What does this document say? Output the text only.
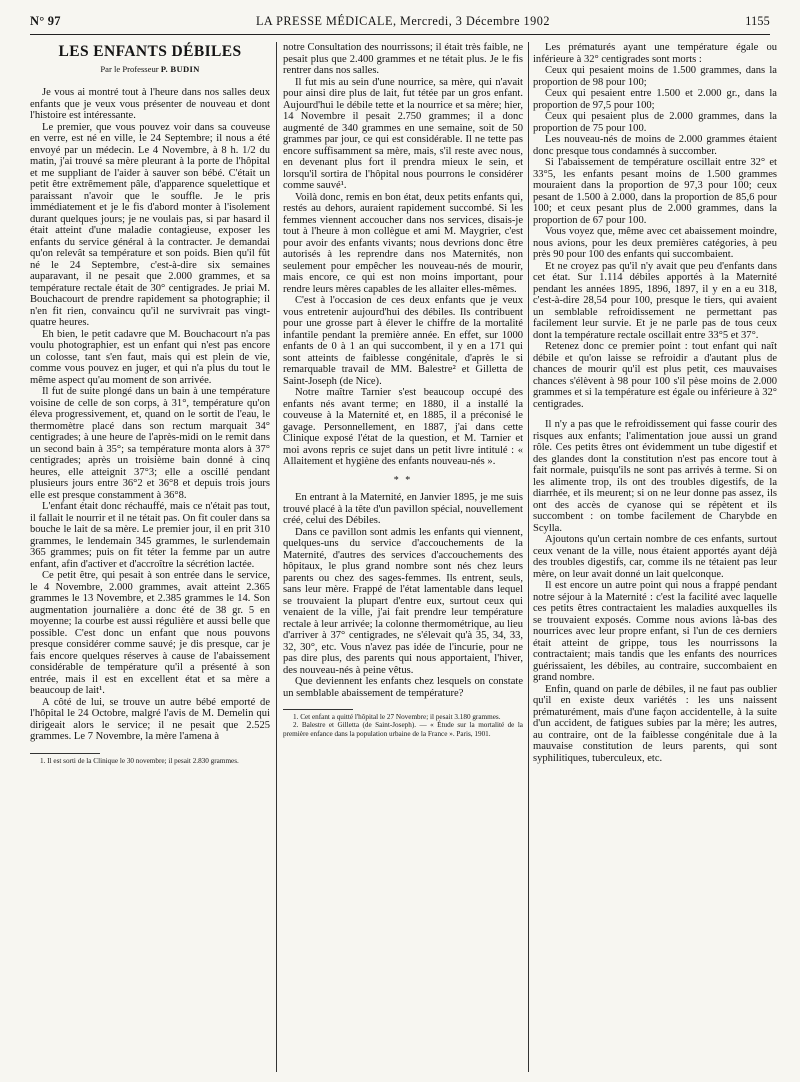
N° 97	LA PRESSE MÉDICALE, Mercredi, 3 Décembre 1902	1155

LES ENFANTS DÉBILES

Par le Professeur P. BUDIN

Je vous ai montré tout à l'heure dans nos salles deux enfants que je veux vous présenter de nouveau et dont l'histoire est intéressante.

Le premier, que vous pouvez voir dans sa couveuse en verre, est né en ville, le 24 Septembre; il nous a été envoyé par un médecin. Le 4 Novembre, à 8 h. 1/2 du matin, j'ai trouvé sa mère pleurant à la porte de l'hôpital et me suppliant de l'aider à sauver son bébé. C'était un petit être extrêmement pâle, d'apparence squelettique et paraissant n'avoir que le souffle. Je le pris immédiatement et je le fis d'abord monter à l'isolement durant quelques jours; je ne voulais pas, si par hasard il était atteint d'une maladie contagieuse, exposer les enfants du service général à la contracter. Je demandai qu'on relevât sa température et son poids. Bien qu'il fût né le 24 Septembre, c'est-à-dire six semaines auparavant, il ne pesait que 2.000 grammes, et sa température rectale était de 30° centigrades. Je priai M. Bouchacourt de prendre rapidement sa photographie; il n'en fit rien, convaincu qu'il ne survivrait pas vingt-quatre heures.

Eh bien, le petit cadavre que M. Bouchacourt n'a pas voulu photographier, est un enfant qui n'est pas encore un colosse, tant s'en faut, mais qui est plein de vie, comme vous pouvez en juger, et qui n'a plus du tout le même aspect qu'au moment de son arrivée.

Il fut de suite plongé dans un bain à une température voisine de celle de son corps, à 31°, température qu'on éleva progressivement, et, quand on le sortit de l'eau, le thermomètre placé dans son rectum marquait 34° centigrades; à une heure de l'après-midi on le remit dans un second bain à 35°; sa température monta alors à 37° centigrades; après un troisième bain donné à cinq heures, elle atteignit 37°3; elle a oscillé pendant plusieurs jours entre 36°2 et 36°8 et depuis trois jours elle est presque constamment à 36°8.

L'enfant était donc réchauffé, mais ce n'était pas tout, il fallait le nourrir et il ne tétait pas. On fit couler dans sa bouche le lait de sa mère. Le premier jour, il en prit 310 grammes, le lendemain 345 grammes, le surlendemain 365 grammes; puis on fit téter la femme par un autre enfant, afin d'activer et d'accroître la sécrétion lactée.

Ce petit être, qui pesait à son entrée dans le service, le 4 Novembre, 2.000 grammes, avait atteint 2.365 grammes le 13 Novembre, et 2.385 grammes le 14. Son augmentation journalière a donc été de 38 gr. 5 en moyenne; la courbe est aussi régulière et aussi belle que possible. C'est donc un enfant que nous pouvons presque considérer comme sauvé; je dis presque, car je fais encore quelques réserves à cause de l'abaissement considérable de température qu'il a présenté à son entrée, mais il est en excellent état et sa mère a beaucoup de lait¹.

A côté de lui, se trouve un autre bébé emporté de l'hôpital le 24 Octobre, malgré l'avis de M. Demelin qui dirigeait alors le service; il ne pesait que 2.525 grammes. Le 7 Novembre, la mère l'amena à

1. Il est sorti de la Clinique le 30 novembre; il pesait 2.830 grammes.

notre Consultation des nourrissons; il était très faible, ne pesait plus que 2.400 grammes et ne tétait plus. Je le fis rentrer dans nos salles.

Il fut mis au sein d'une nourrice, sa mère, qui n'avait pour ainsi dire plus de lait, fut tétée par un gros enfant. Aujourd'hui le débile tette et la nourrice et sa mère; hier, 14 Novembre il pesait 2.750 grammes; il a donc augmenté de 340 grammes en une semaine, soit de 50 grammes par jour, ce qui est considérable. Il ne tette pas encore suffisamment sa mère, mais, s'il reste avec nous, en devenant plus fort il prendra mieux le sein, et lorsqu'il sortira de l'hôpital nous pourrons le considérer comme sauvé¹.

Voilà donc, remis en bon état, deux petits enfants qui, restés au dehors, auraient rapidement succombé. Si les femmes viennent accoucher dans nos services, disais-je tout à l'heure à mon collègue et ami M. Maygrier, c'est pour avoir des enfants vivants; nous devrions donc être autorisés à les reprendre dans nos Maternités, non seulement pour empêcher les nouveau-nés de mourir, mais encore, ce qui est non moins important, pour rendre leurs mères capables de les allaiter elles-mêmes.

C'est à l'occasion de ces deux enfants que je veux vous entretenir aujourd'hui des débiles. Ils contribuent pour une grosse part à élever le chiffre de la mortalité infantile pendant la première année. En effet, sur 1000 enfants de 0 à 1 an qui succombent, il y en a 171 qui sont atteints de faiblesse congénitale, d'après le si remarquable travail de MM. Balestre² et Gilletta de Saint-Joseph (de Nice).

Notre maître Tarnier s'est beaucoup occupé des enfants nés avant terme; en 1880, il a installé la couveuse à la Maternité et, en 1885, il a préconisé le gavage. Personnellement, en 1887, j'ai dans cette Clinique exposé l'état de la question, et M. Tarnier et moi avons repris ce sujet dans un petit livre intitulé : « Allaitement et hygiène des enfants nouveau-nés ».

* *

En entrant à la Maternité, en Janvier 1895, je me suis trouvé placé à la tête d'un pavillon spécial, nouvellement créé, celui des Débiles.

Dans ce pavillon sont admis les enfants qui viennent, quelques-uns du service d'accouchements de la Maternité, d'autres des services d'accouchements des hôpitaux, le plus grand nombre sont nés chez leurs parents ou chez des sages-femmes. Ils entrent, seuls, sans leur mère. Frappé de l'état lamentable dans lequel se trouvaient la plupart d'entre eux, surtout ceux qui venaient de la ville, j'ai fait prendre leur température rectale à leur arrivée; la colonne thermométrique, au lieu d'arriver à 37° centigrades, ne s'élevait qu'à 35, 34, 33, 32, 30°, etc. Vous n'avez pas idée de l'incurie, pour ne pas dire plus, des parents qui nous apportaient, l'hiver, des nouveau-nés à peine vêtus.

Que deviennent les enfants chez lesquels on constate un semblable abaissement de température?

1. Cet enfant a quitté l'hôpital le 27 Novembre; il pesait 3.180 grammes.

2. Balestre et Gilletta (de Saint-Joseph). — « Étude sur la mortalité de la première enfance dans la population urbaine de la France ». Paris, 1901.

Les prématurés ayant une température égale ou inférieure à 32° centigrades sont morts :

Ceux qui pesaient moins de 1.500 grammes, dans la proportion de 98 pour 100;

Ceux qui pesaient entre 1.500 et 2.000 gr., dans la proportion de 97,5 pour 100;

Ceux qui pesaient plus de 2.000 grammes, dans la proportion de 75 pour 100.

Les nouveau-nés de moins de 2.000 grammes étaient donc presque tous condamnés à succomber.

Si l'abaissement de température oscillait entre 32° et 33°5, les enfants pesant moins de 1.500 grammes mouraient dans la proportion de 97,3 pour 100; ceux pesant de 1.500 à 2.000, dans la proportion de 85,6 pour 100; et ceux pesant plus de 2.000 grammes, dans la proportion de 67 pour 100.

Vous voyez que, même avec cet abaissement moindre, nous avions, pour les deux premières catégories, à peu près 90 pour 100 des enfants qui succombaient.

Et ne croyez pas qu'il n'y avait que peu d'enfants dans cet état. Sur 1.114 débiles apportés à la Maternité pendant les années 1895, 1896, 1897, il y en a eu 318, c'est-à-dire 28,54 pour 100, presque le tiers, qui avaient un semblable refroidissement ne permettant pas facilement leur survie. Et je ne parle pas de tous ceux dont la température rectale oscillait entre 33°5 et 37°.

Retenez donc ce premier point : tout enfant qui naît débile et qu'on laisse se refroidir a d'autant plus de chances de mourir qu'il est plus petit, ces mauvaises chances s'élèvent à 98 pour 100 s'il pèse moins de 2.000 grammes et si la température est égale ou inférieure à 32° centigrades.

Il n'y a pas que le refroidissement qui fasse courir des risques aux enfants; l'alimentation joue aussi un grand rôle. Ces petits êtres ont évidemment un tube digestif et des glandes dont la constitution n'est pas encore tout à fait normale, puisqu'ils ne sont pas arrivés à terme. Si on les alimente trop, ils ont des troubles digestifs, de la diarrhée, et ils meurent; si on ne leur donne pas assez, ils ont des accès de cyanose qui se répètent et ils succombent : on tombe facilement de Charybde en Scylla.

Ajoutons qu'un certain nombre de ces enfants, surtout ceux venant de la ville, nous étaient apportés ayant déjà des troubles digestifs, car, comme ils ne tétaient pas leur mère, on leur avait donné un lait quelconque.

Il est encore un autre point qui nous a frappé pendant notre séjour à la Maternité : c'est la facilité avec laquelle ces petits êtres contractaient les maladies auxquelles ils se trouvaient exposés. Comme nous avions là-bas des nourrices avec leur propre enfant, si l'un de ces derniers était atteint de grippe, tous les nourrissons la contractaient; mais tandis que les enfants des nourrices guérissaient, les débiles, au contraire, succombaient en grand nombre.

Enfin, quand on parle de débiles, il ne faut pas oublier qu'il en existe deux variétés : les uns naissent prématurément, mais d'une façon accidentelle, à la suite d'un accident, de fatigues subies par la mère; les autres, au contraire, ont de la faiblesse congénitale due à la mauvaise constitution de leurs parents, qui sont syphilitiques, tuberculeux, etc.
